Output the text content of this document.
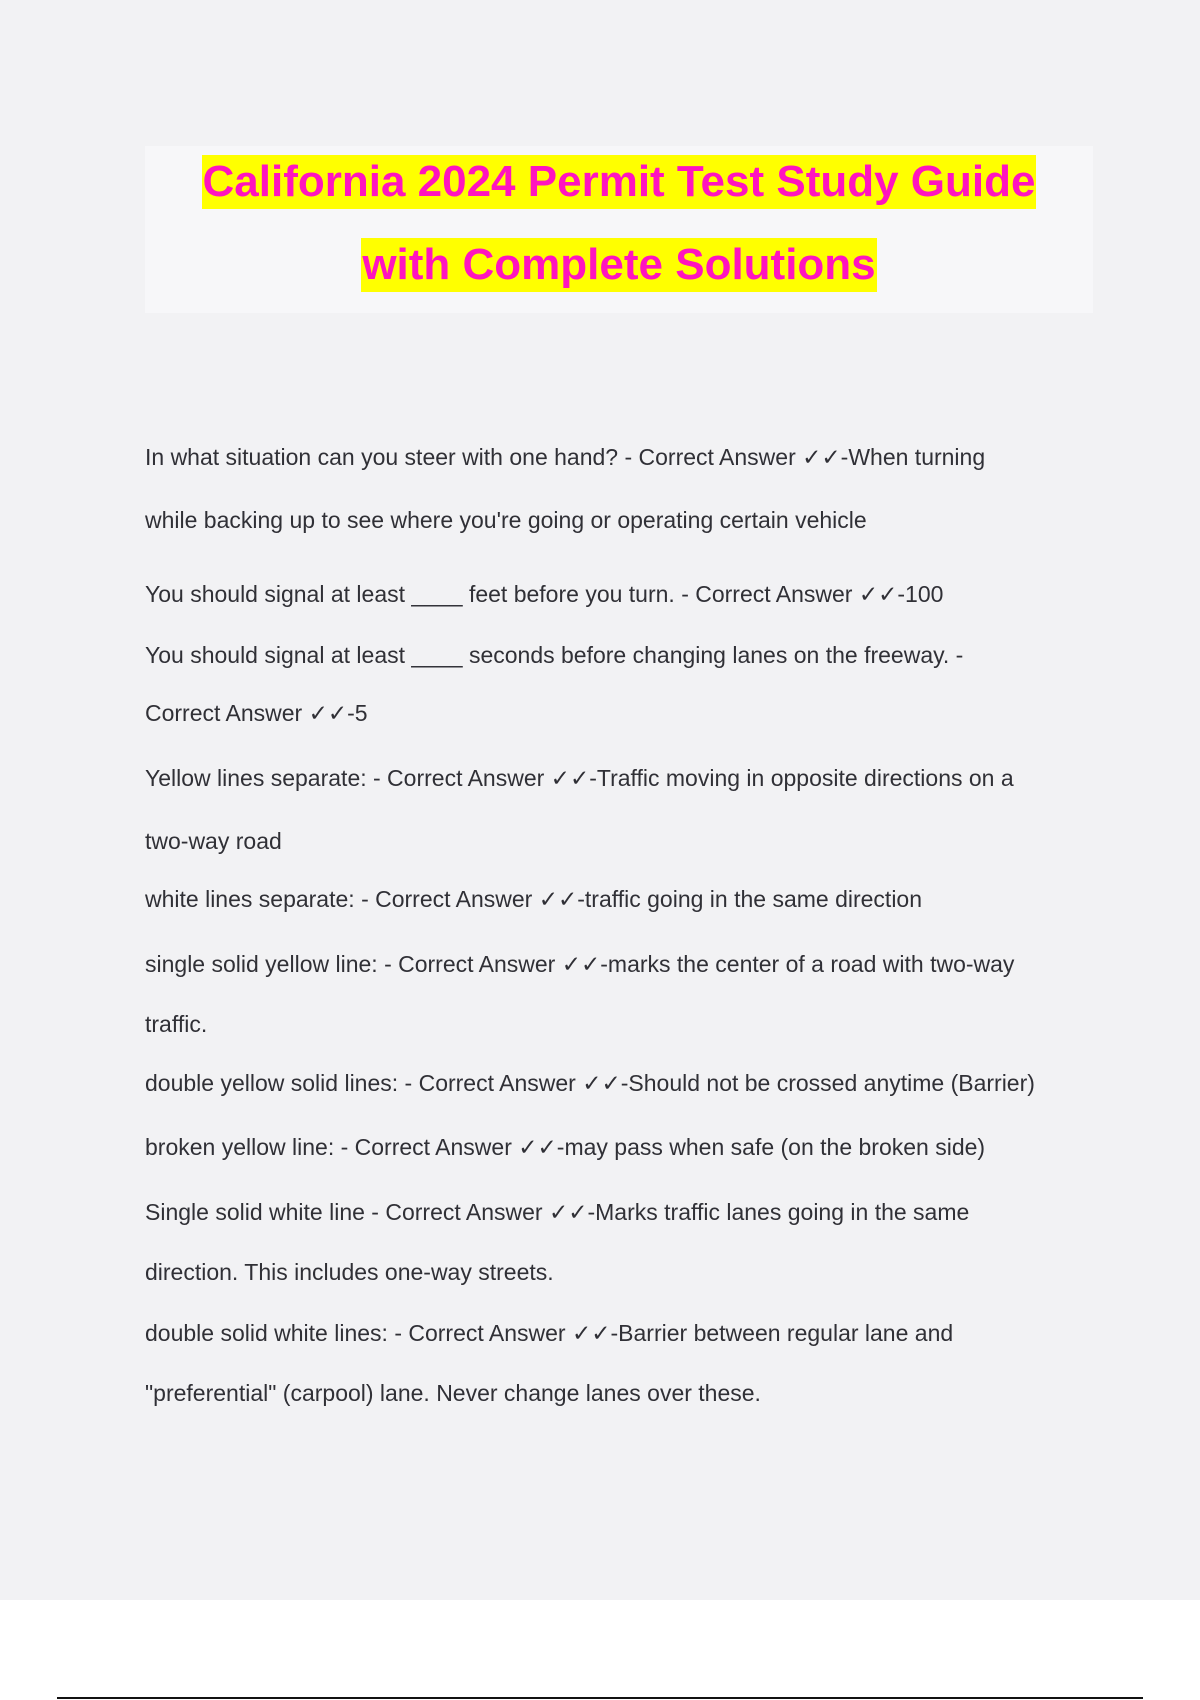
California 2024 Permit Test Study Guide
with Complete Solutions
In what situation can you steer with one hand? - Correct Answer ✓✓-When turning
while backing up to see where you're going or operating certain vehicle
You should signal at least ____ feet before you turn. - Correct Answer ✓✓-100
You should signal at least ____ seconds before changing lanes on the freeway. -
Correct Answer ✓✓-5
Yellow lines separate: - Correct Answer ✓✓-Traffic moving in opposite directions on a
two-way road
white lines separate: - Correct Answer ✓✓-traffic going in the same direction
single solid yellow line: - Correct Answer ✓✓-marks the center of a road with two-way
traffic.
double yellow solid lines: - Correct Answer ✓✓-Should not be crossed anytime (Barrier)
broken yellow line: - Correct Answer ✓✓-may pass when safe (on the broken side)
Single solid white line - Correct Answer ✓✓-Marks traffic lanes going in the same
direction. This includes one-way streets.
double solid white lines: - Correct Answer ✓✓-Barrier between regular lane and
"preferential" (carpool) lane. Never change lanes over these.
